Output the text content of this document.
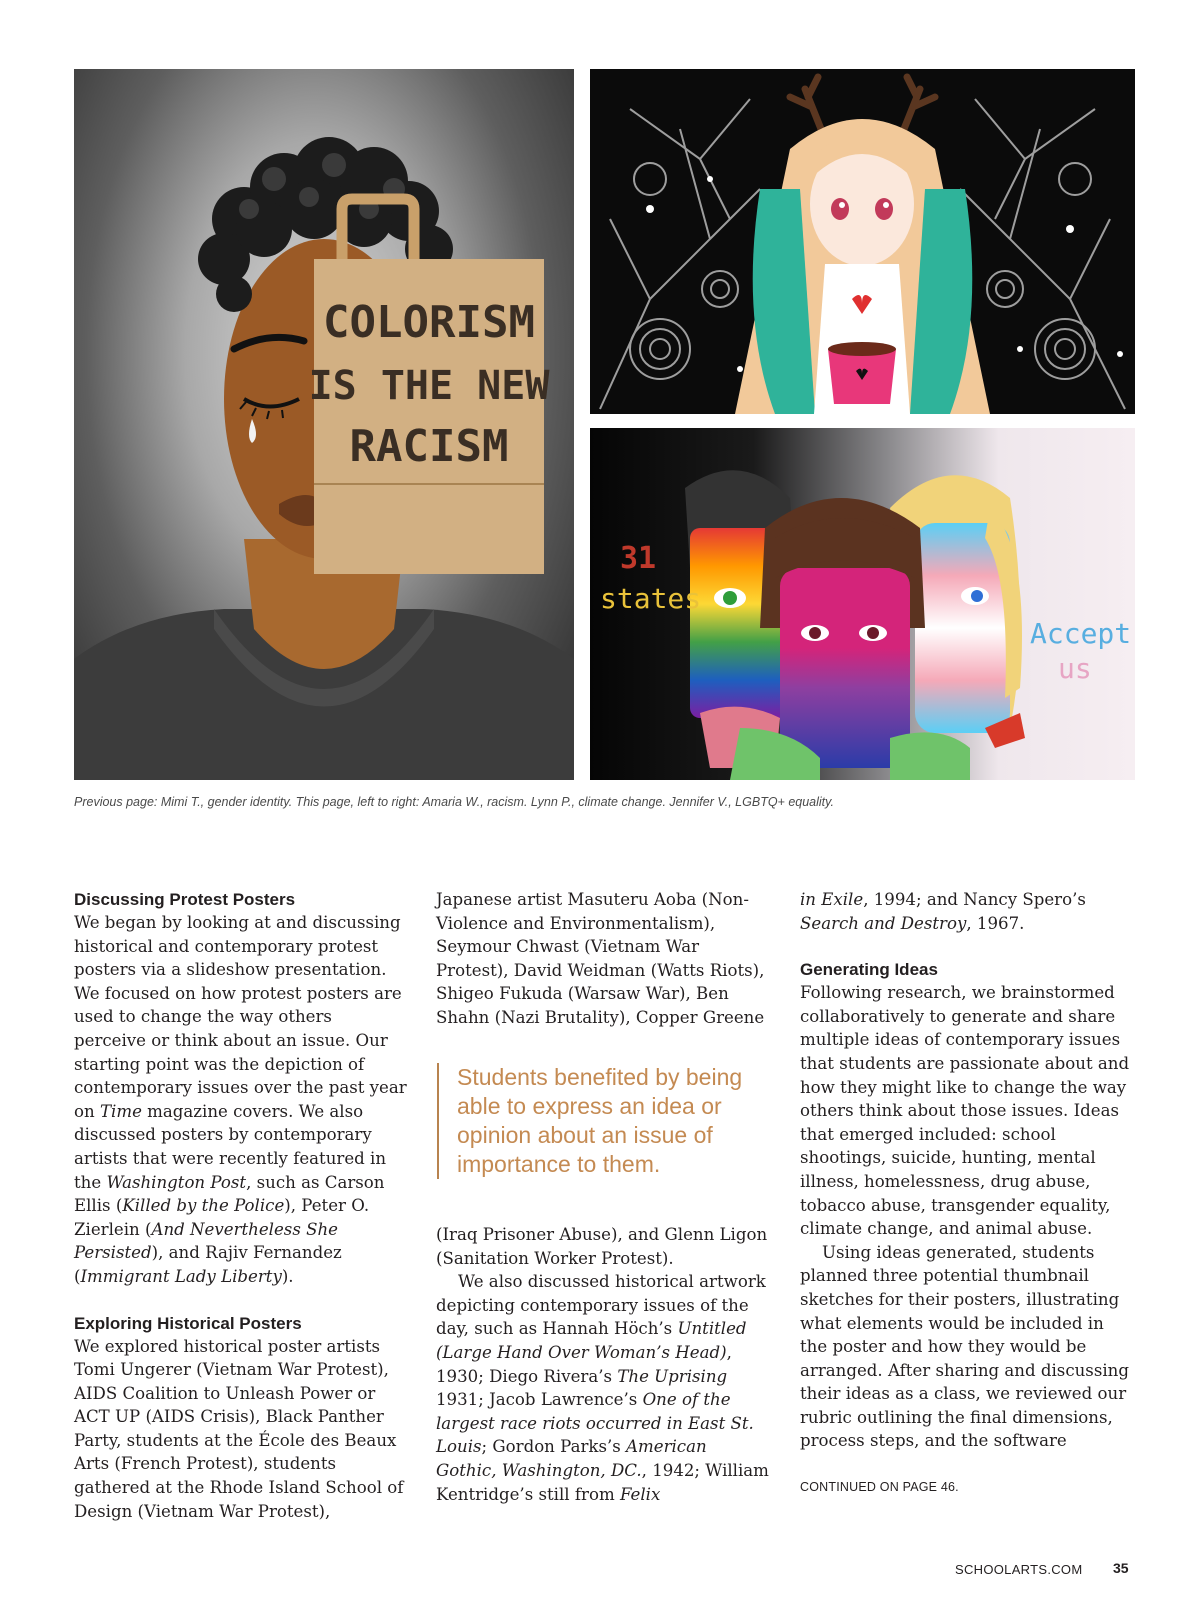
COLORISM
IS THE NEW
RACISM
31
states
Accept
us
Previous page: Mimi T., gender identity. This page, left to right: Amaria W., racism. Lynn P., climate change. Jennifer V., LGBTQ+ equality.
Discussing Protest Posters

We began by looking at and discussing historical and contemporary protest posters via a slideshow presentation. We focused on how protest posters are used to change the way others perceive or think about an issue. Our starting point was the depiction of contemporary issues over the past year on Time magazine covers. We also discussed posters by contemporary artists that were recently featured in the Washington Post, such as Carson Ellis (Killed by the Police), Peter O. Zierlein (And Nevertheless She Persisted), and Rajiv Fernandez (Immigrant Lady Liberty).

Exploring Historical Posters

We explored historical poster artists Tomi Ungerer (Vietnam War Protest), AIDS Coalition to Unleash Power or ACT UP (AIDS Crisis), Black Panther Party, students at the École des Beaux Arts (French Protest), students gathered at the Rhode Island School of Design (Vietnam War Protest),

Japanese artist Masuteru Aoba (Non-Violence and Environmentalism), Seymour Chwast (Vietnam War Protest), David Weidman (Watts Riots), Shigeo Fukuda (Warsaw War), Ben Shahn (Nazi Brutality), Copper Greene

Students benefited by being able to express an idea or opinion about an issue of importance to them.

(Iraq Prisoner Abuse), and Glenn Ligon (Sanitation Worker Protest).

We also discussed historical artwork depicting contemporary issues of the day, such as Hannah Höch’s Untitled (Large Hand Over Woman’s Head), 1930; Diego Rivera’s The Uprising 1931; Jacob Lawrence’s One of the largest race riots occurred in East St. Louis; Gordon Parks’s American Gothic, Washington, DC., 1942; William Kentridge’s still from Felix

in Exile, 1994; and Nancy Spero’s Search and Destroy, 1967.

Generating Ideas

Following research, we brainstormed collaboratively to generate and share multiple ideas of contemporary issues that students are passionate about and how they might like to change the way others think about those issues. Ideas that emerged included: school shootings, suicide, hunting, mental illness, homelessness, drug abuse, tobacco abuse, transgender equality, climate change, and animal abuse.

Using ideas generated, students planned three potential thumbnail sketches for their posters, illustrating what elements would be included in the poster and how they would be arranged. After sharing and discussing their ideas as a class, we reviewed our rubric outlining the final dimensions, process steps, and the software

CONTINUED ON PAGE 46.
SCHOOLARTS.COM 35
